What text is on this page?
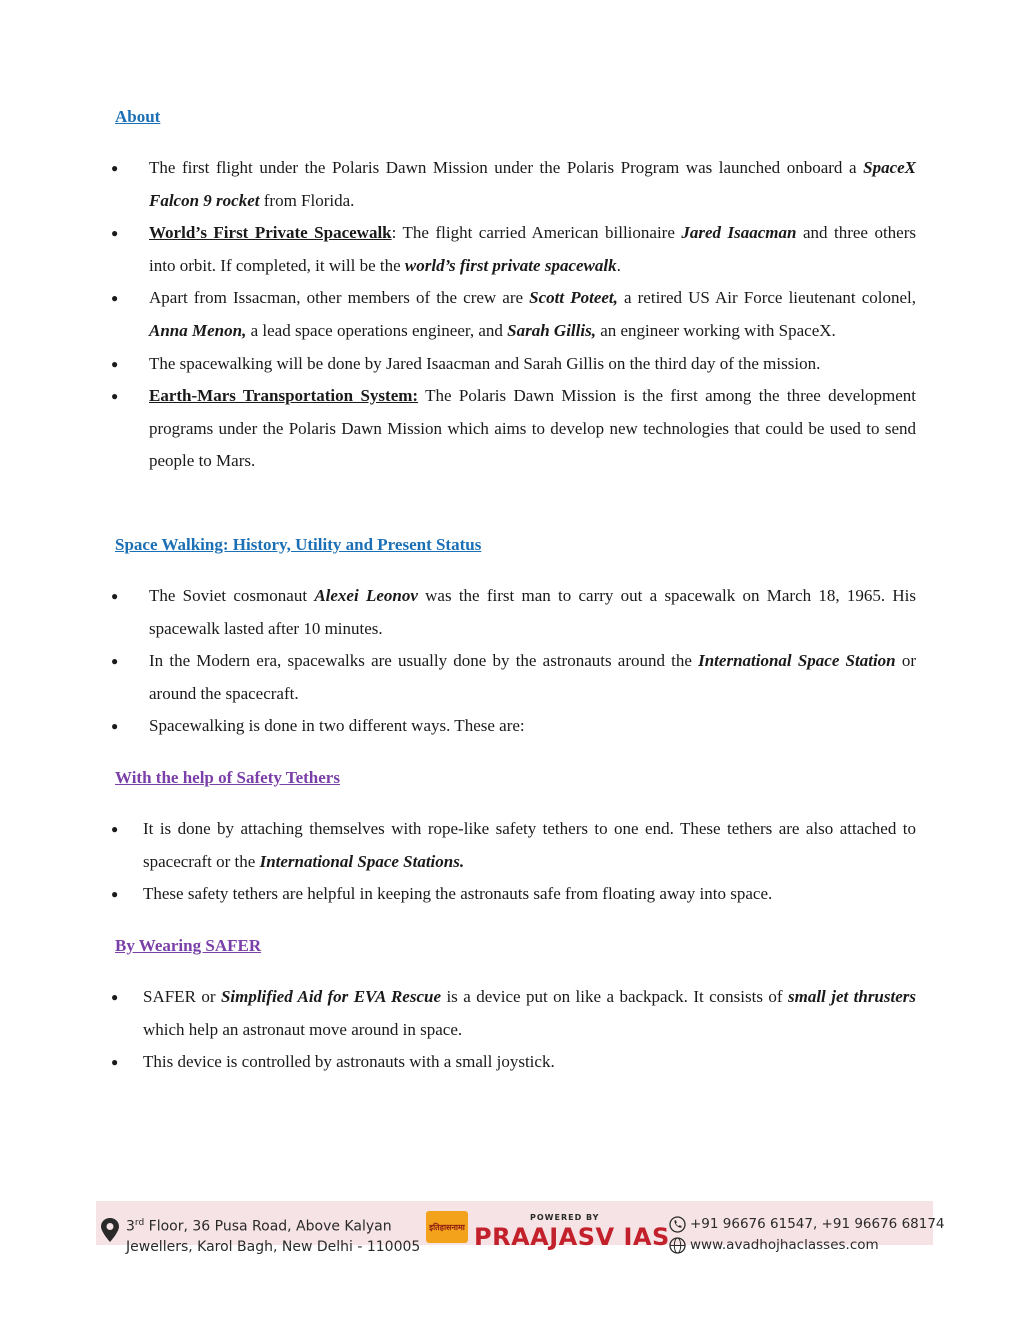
About
● The first flight under the Polaris Dawn Mission under the Polaris Program was launched onboard a SpaceX Falcon 9 rocket from Florida.
● World’s First Private Spacewalk: The flight carried American billionaire Jared Isaacman and three others into orbit. If completed, it will be the world’s first private spacewalk.
● Apart from Issacman, other members of the crew are Scott Poteet, a retired US Air Force lieutenant colonel, Anna Menon, a lead space operations engineer, and Sarah Gillis, an engineer working with SpaceX.
● The spacewalking will be done by Jared Isaacman and Sarah Gillis on the third day of the mission.
● Earth-Mars Transportation System: The Polaris Dawn Mission is the first among the three development programs under the Polaris Dawn Mission which aims to develop new technologies that could be used to send people to Mars.
Space Walking: History, Utility and Present Status
● The Soviet cosmonaut Alexei Leonov was the first man to carry out a spacewalk on March 18, 1965. His spacewalk lasted after 10 minutes.
● In the Modern era, spacewalks are usually done by the astronauts around the International Space Station or around the spacecraft.
● Spacewalking is done in two different ways. These are:
With the help of Safety Tethers
● It is done by attaching themselves with rope-like safety tethers to one end. These tethers are also attached to spacecraft or the International Space Stations.
● These safety tethers are helpful in keeping the astronauts safe from floating away into space.
By Wearing SAFER
● SAFER or Simplified Aid for EVA Rescue is a device put on like a backpack. It consists of small jet thrusters which help an astronaut move around in space.
● This device is controlled by astronauts with a small joystick.
3rd Floor, 36 Pusa Road, Above Kalyan
Jewellers, Karol Bagh, New Delhi - 110005
इतिहासनामा
POWERED BY
PRAAJASV IAS +91 96676 61547, +91 96676 68174
www.avadhojhaclasses.com
